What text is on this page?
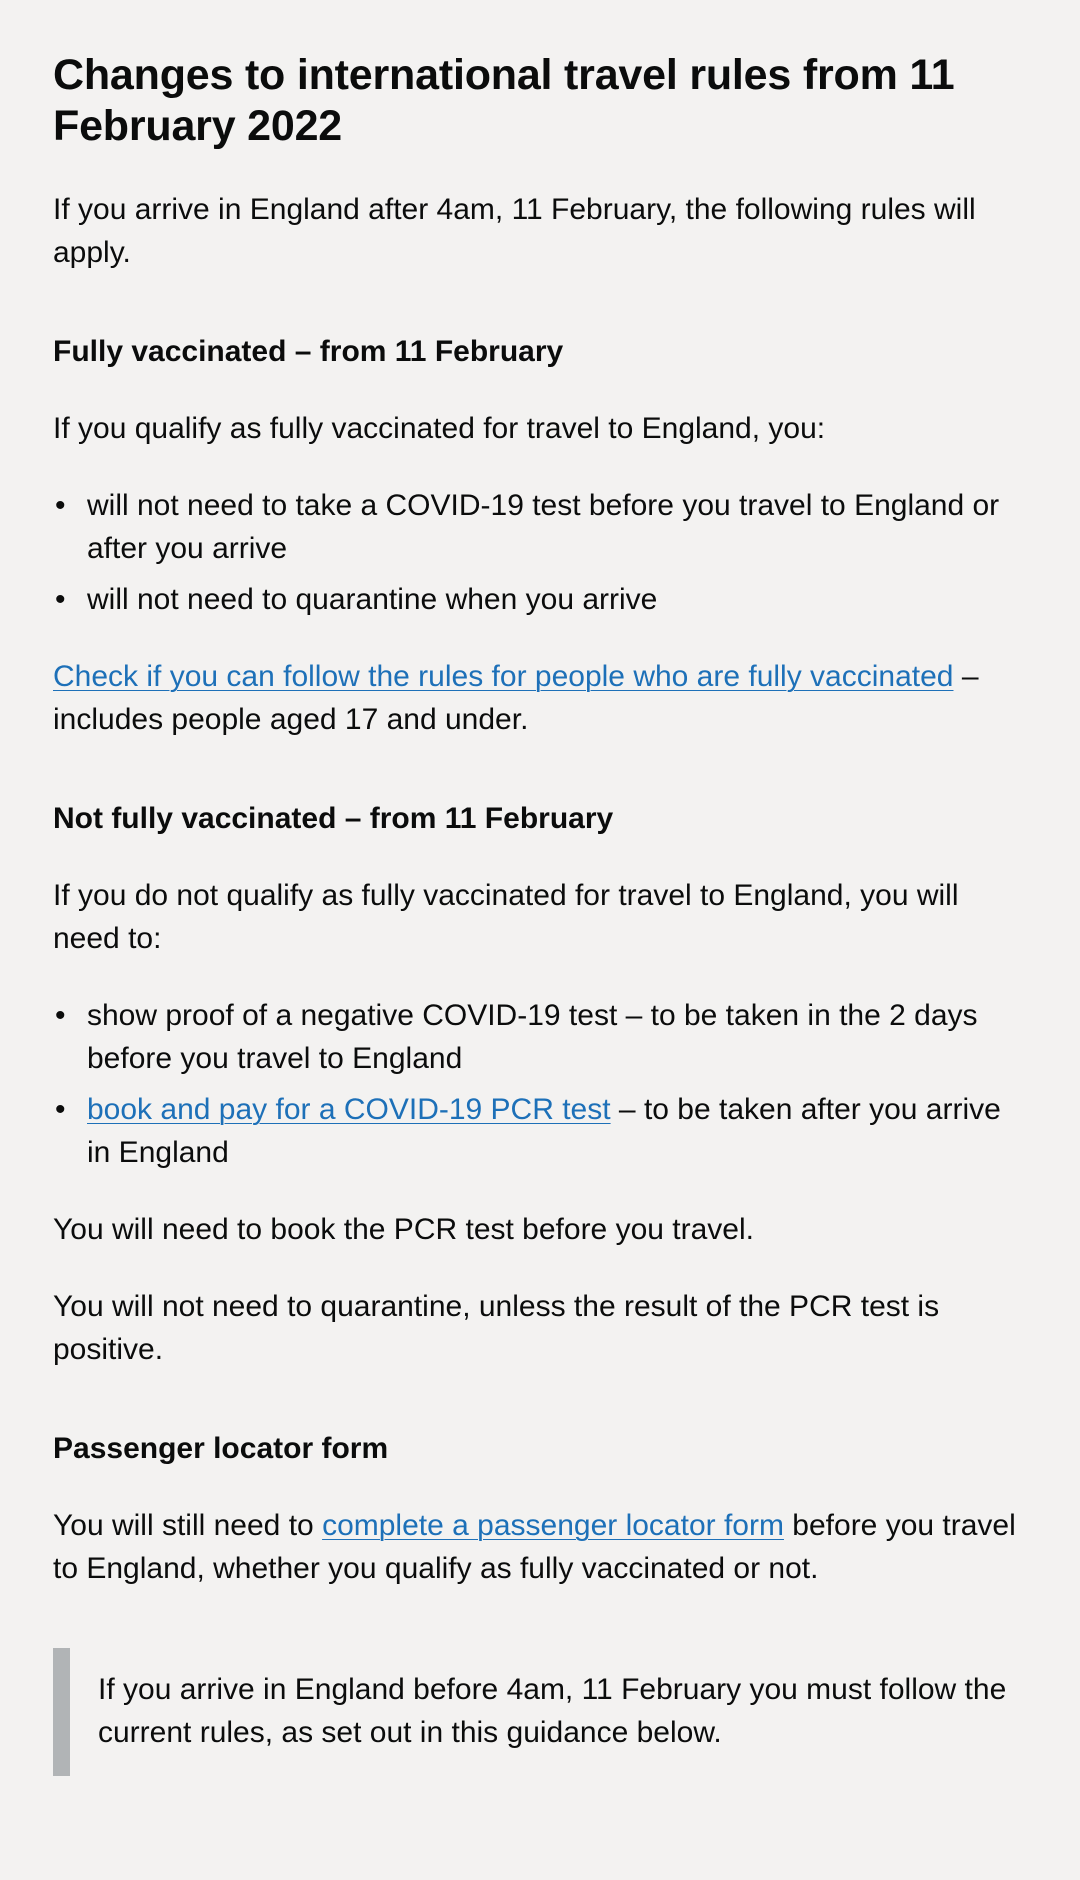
Changes to international travel rules from 11 February 2022

If you arrive in England after 4am, 11 February, the following rules will apply.

Fully vaccinated – from 11 February

If you qualify as fully vaccinated for travel to England, you:

• will not need to take a COVID-19 test before you travel to England or after you arrive
• will not need to quarantine when you arrive

Check if you can follow the rules for people who are fully vaccinated – includes people aged 17 and under.

Not fully vaccinated – from 11 February

If you do not qualify as fully vaccinated for travel to England, you will need to:

• show proof of a negative COVID-19 test – to be taken in the 2 days before you travel to England
• book and pay for a COVID-19 PCR test – to be taken after you arrive in England

You will need to book the PCR test before you travel.

You will not need to quarantine, unless the result of the PCR test is positive.

Passenger locator form

You will still need to complete a passenger locator form before you travel to England, whether you qualify as fully vaccinated or not.

If you arrive in England before 4am, 11 February you must follow the current rules, as set out in this guidance below.
